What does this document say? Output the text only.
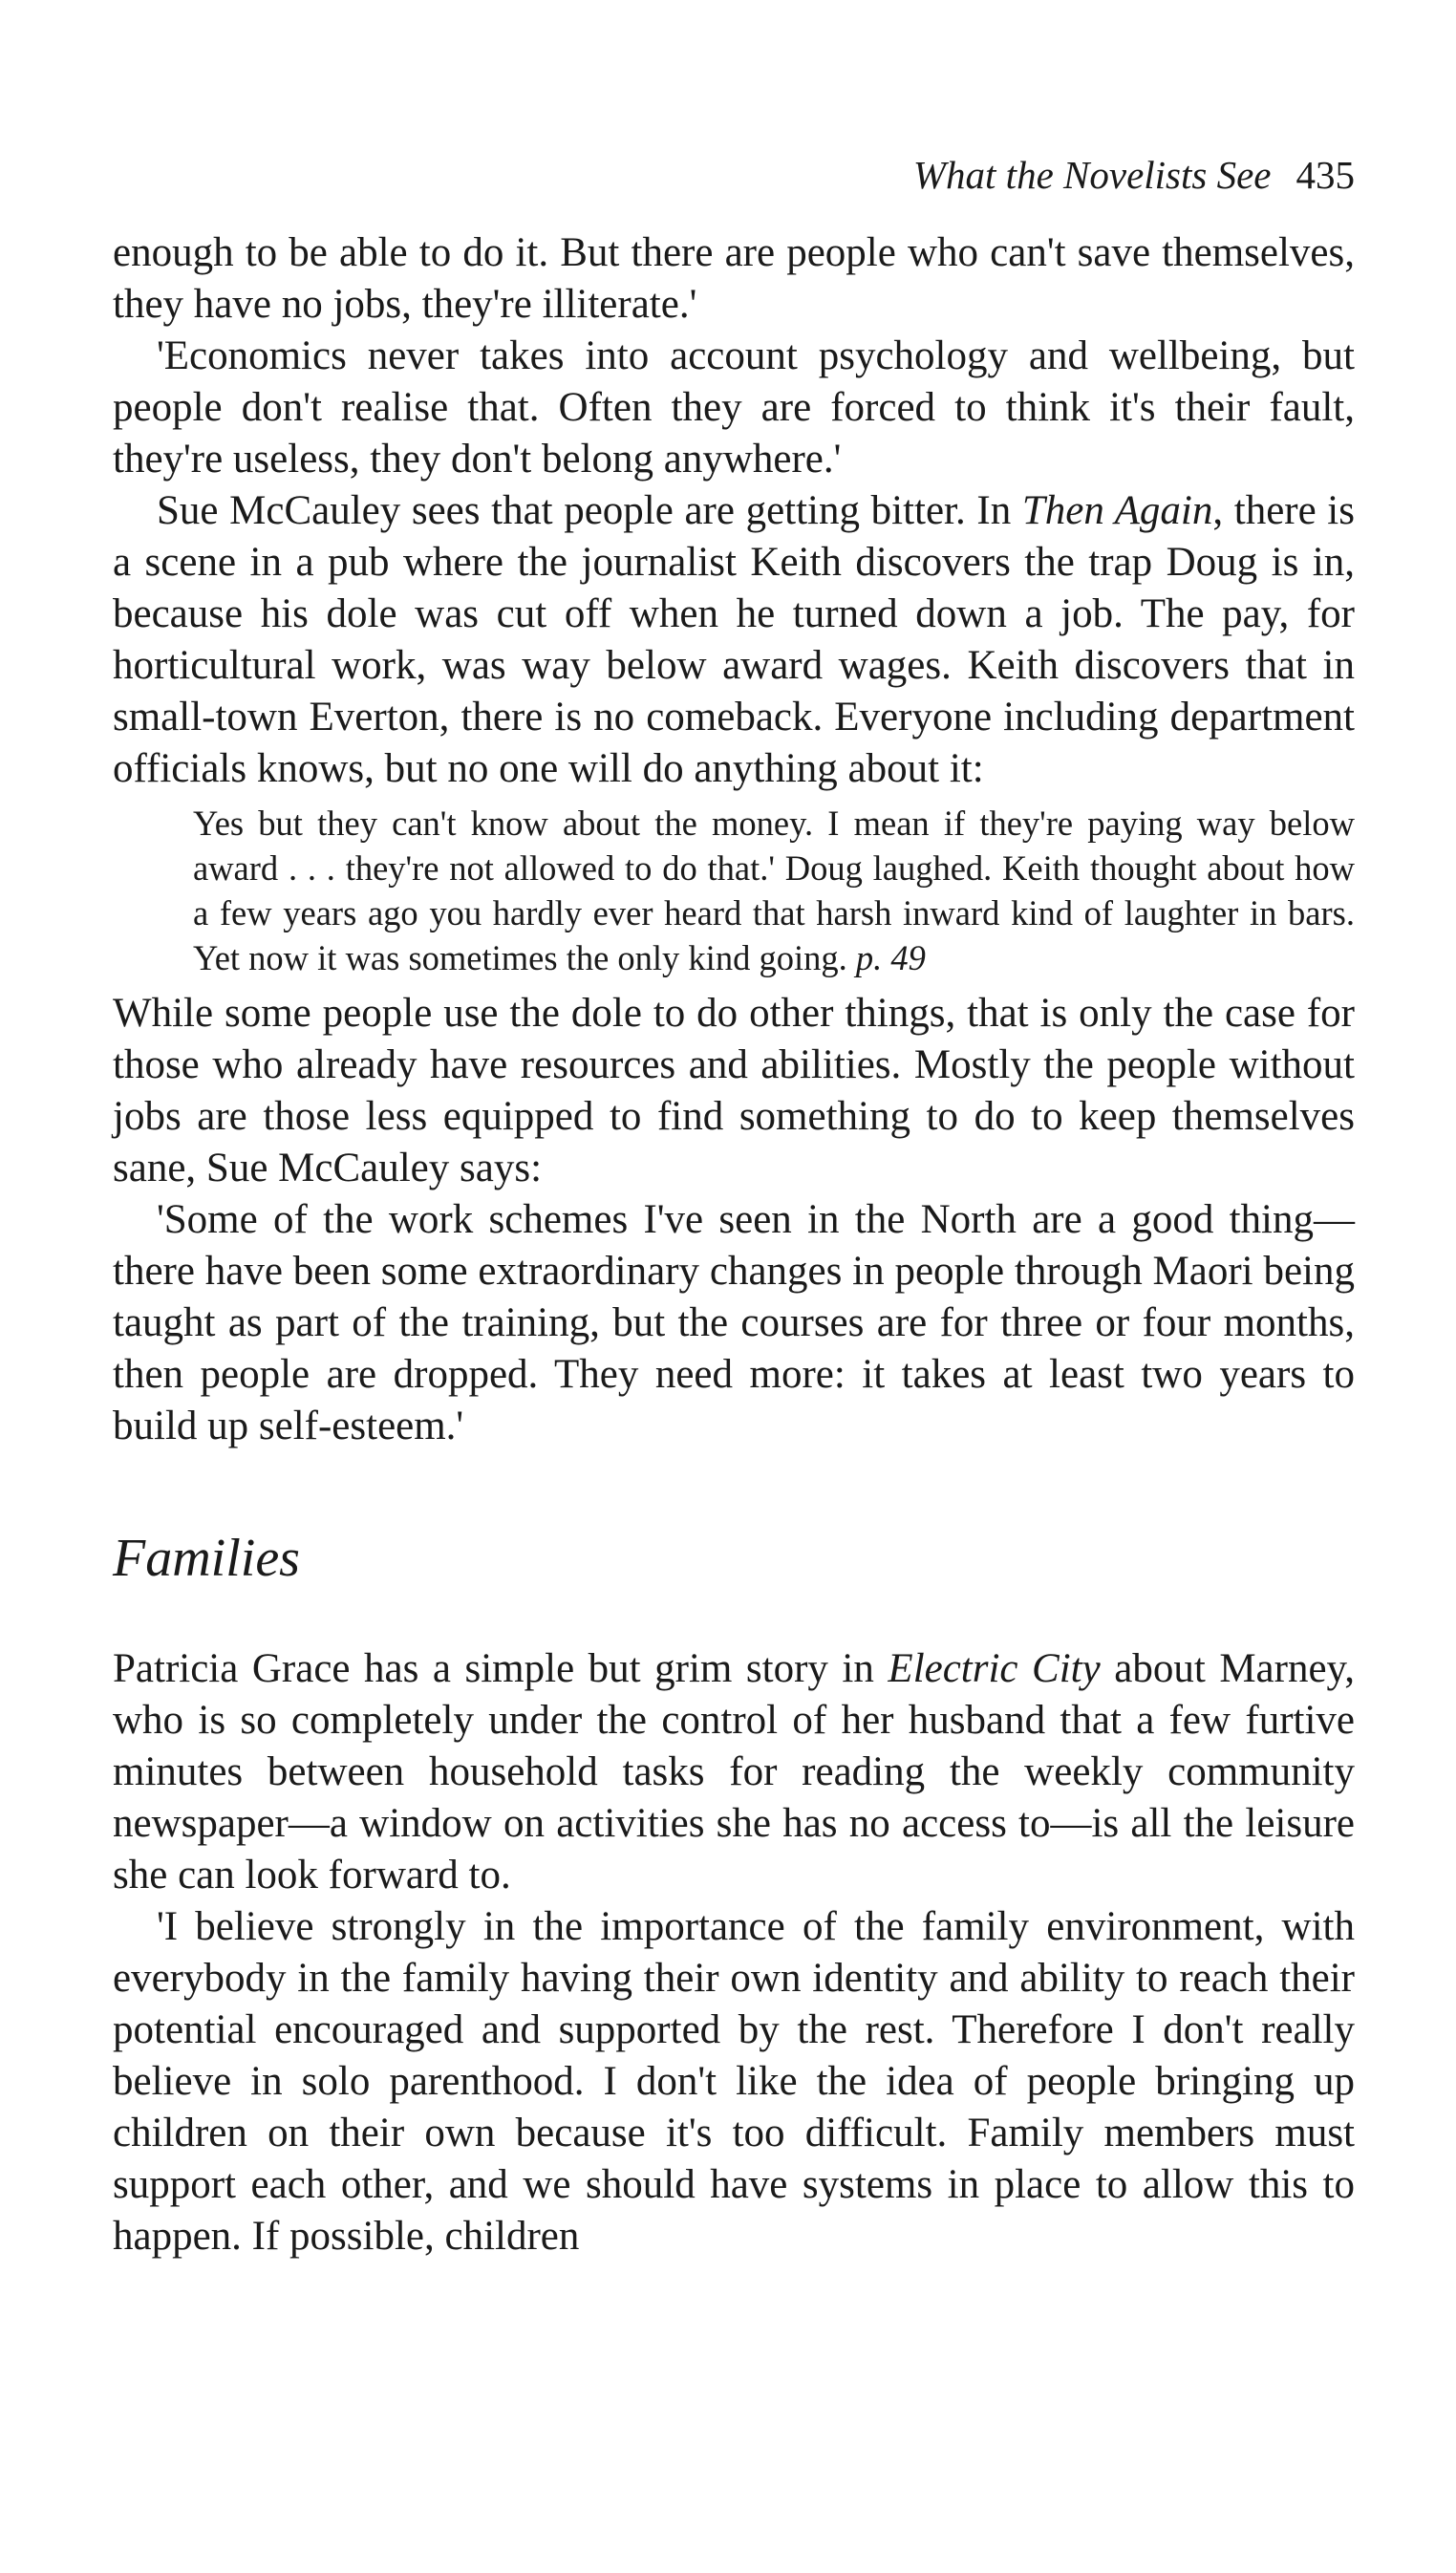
What the Novelists See 435

enough to be able to do it. But there are people who can't save themselves, they have no jobs, they're illiterate.'

'Economics never takes into account psychology and wellbeing, but people don't realise that. Often they are forced to think it's their fault, they're useless, they don't belong anywhere.'

Sue McCauley sees that people are getting bitter. In Then Again, there is a scene in a pub where the journalist Keith discovers the trap Doug is in, because his dole was cut off when he turned down a job. The pay, for horticultural work, was way below award wages. Keith discovers that in small-town Everton, there is no comeback. Everyone including department officials knows, but no one will do anything about it:

Yes but they can't know about the money. I mean if they're paying way below award . . . they're not allowed to do that.' Doug laughed. Keith thought about how a few years ago you hardly ever heard that harsh inward kind of laughter in bars. Yet now it was sometimes the only kind going. p. 49

While some people use the dole to do other things, that is only the case for those who already have resources and abilities. Mostly the people without jobs are those less equipped to find something to do to keep themselves sane, Sue McCauley says:

'Some of the work schemes I've seen in the North are a good thing—there have been some extraordinary changes in people through Maori being taught as part of the training, but the courses are for three or four months, then people are dropped. They need more: it takes at least two years to build up self-esteem.'

Families

Patricia Grace has a simple but grim story in Electric City about Marney, who is so completely under the control of her husband that a few furtive minutes between household tasks for reading the weekly community newspaper—a window on activities she has no access to—is all the leisure she can look forward to.

'I believe strongly in the importance of the family environment, with everybody in the family having their own identity and ability to reach their potential encouraged and supported by the rest. Therefore I don't really believe in solo parenthood. I don't like the idea of people bringing up children on their own because it's too difficult. Family members must support each other, and we should have systems in place to allow this to happen. If possible, children
